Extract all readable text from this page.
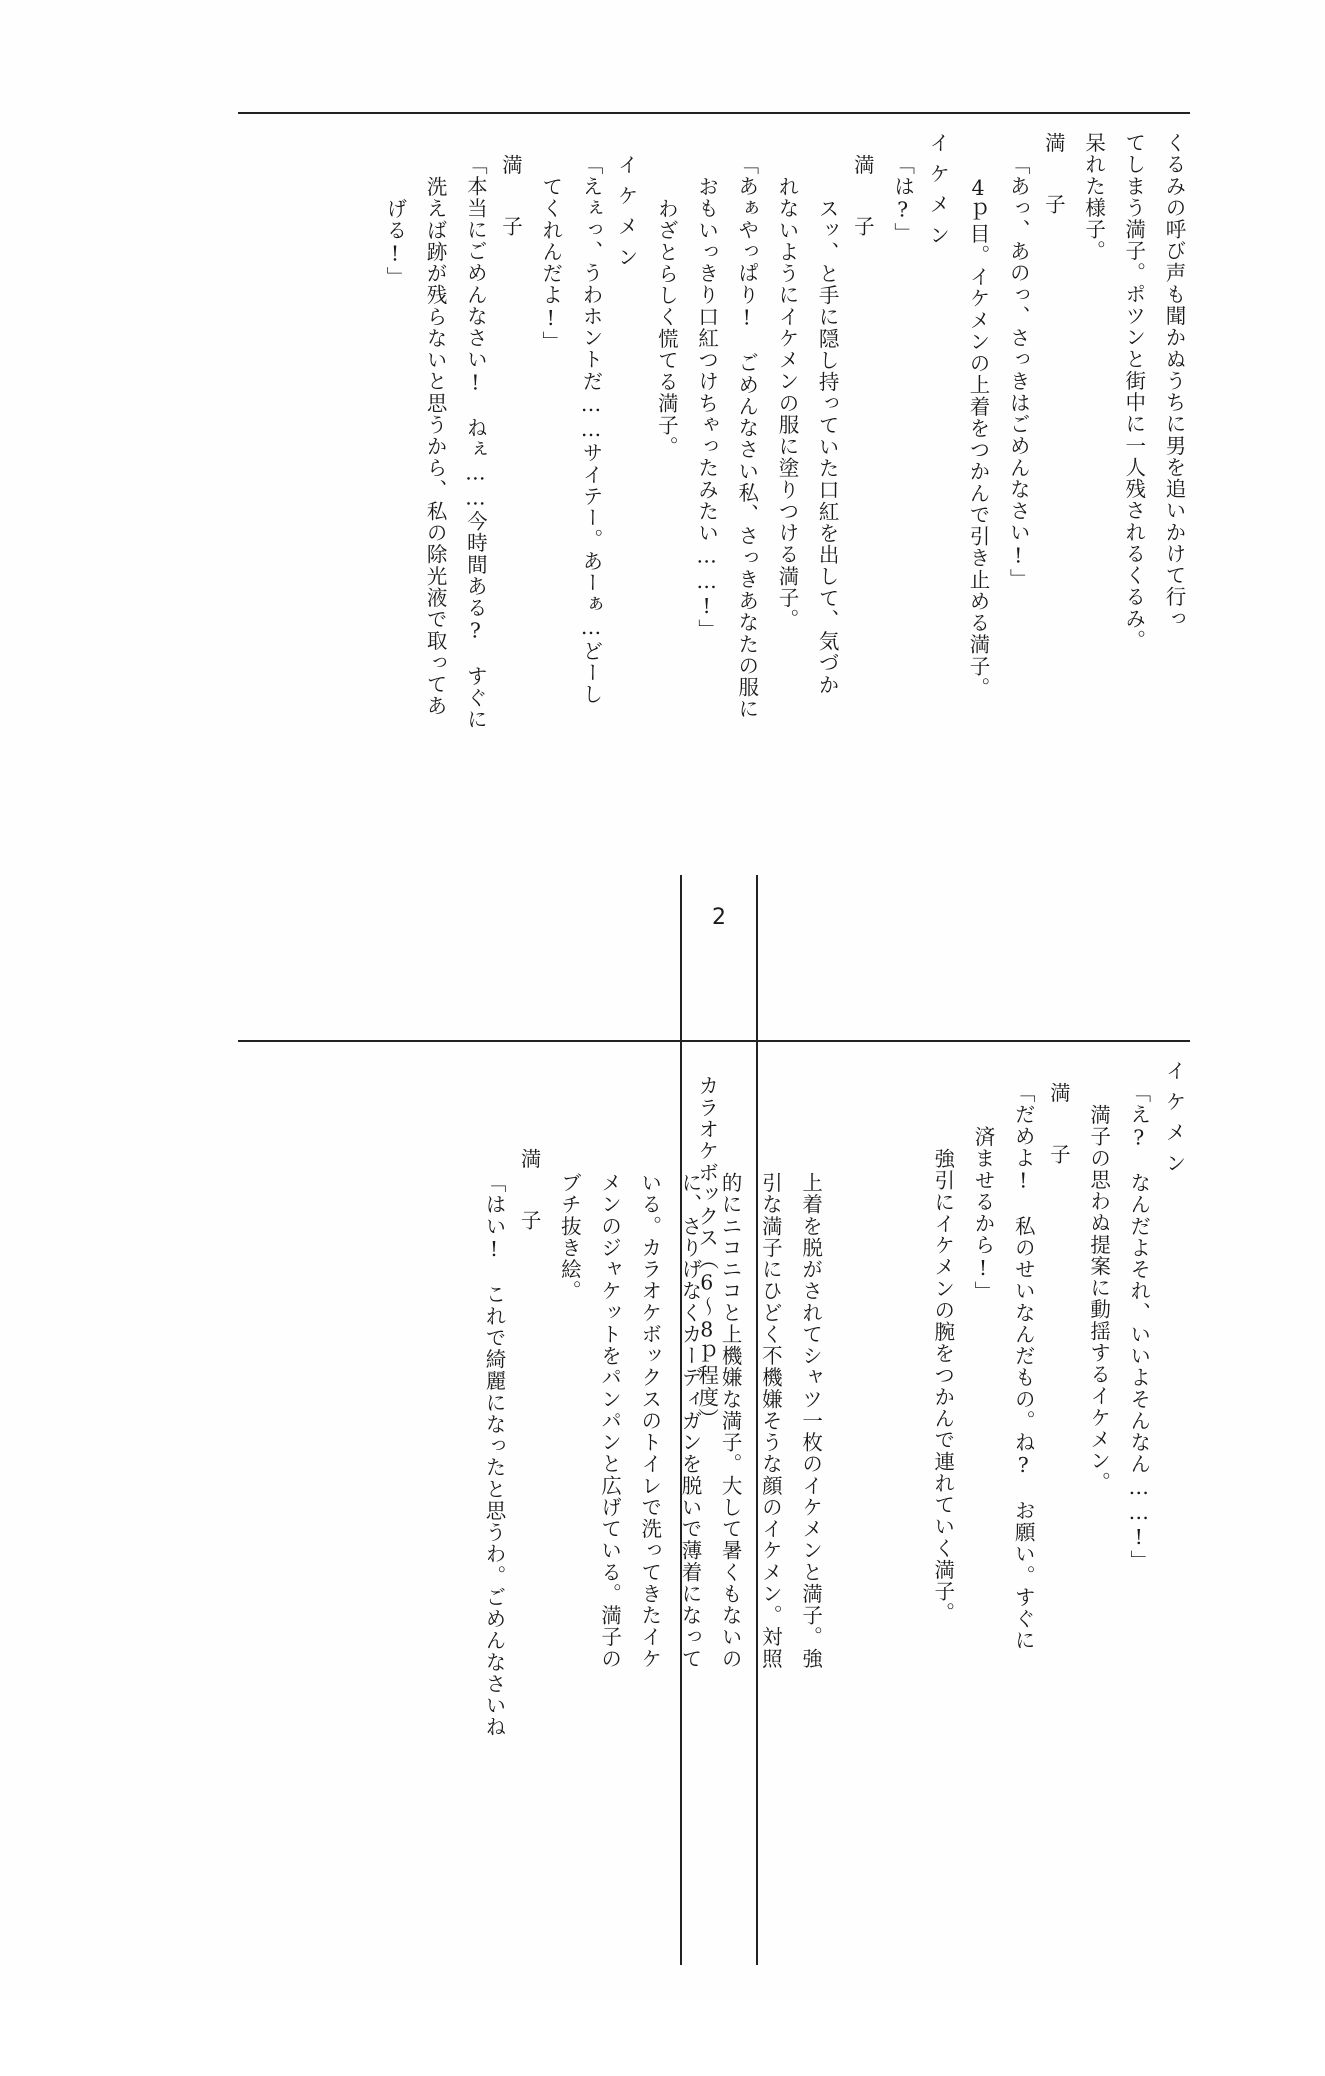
くるみの呼び声も聞かぬうちに男を追いかけて行っ
てしまう満子。ポツンと街中に一人残されるくるみ。
呆れた様子。
満　子
「あっ、あのっ、さっきはごめんなさい!」
4ｐ目。イケメンの上着をつかんで引き止める満子。
イケメン
「は?」
満　子
スッ、と手に隠し持っていた口紅を出して、気づか
れないようにイケメンの服に塗りつける満子。
「あぁやっぱり!　ごめんなさい私、さっきあなたの服に
おもいっきり口紅つけちゃったみたい……!」
わざとらしく慌てる満子。
イケメン
「えぇっ、うわホントだ……サイテー。あーぁ…どーし
てくれんだよ!」
満　子
「本当にごめんなさい!　ねぇ……今時間ある?　すぐに
洗えば跡が残らないと思うから、私の除光液で取ってあ
げる!」
2
イケメン
「え?　なんだよそれ、いいよそんなん……!」
満子の思わぬ提案に動揺するイケメン。
満　子
「だめよ!　私のせいなんだもの。ね?　お願い。すぐに
済ませるから!」
強引にイケメンの腕をつかんで連れていく満子。
上着を脱がされてシャツ一枚のイケメンと満子。強
引な満子にひどく不機嫌そうな顔のイケメン。対照
的にニコニコと上機嫌な満子。大して暑くもないの
に、さりげなくカーディガンを脱いで薄着になって
いる。カラオケボックスのトイレで洗ってきたイケ
メンのジャケットをパンパンと広げている。満子の
ブチ抜き絵。
満　子
「はい!　これで綺麗になったと思うわ。ごめんなさいね	カラオケボックス（6〜8ｐ程度）
